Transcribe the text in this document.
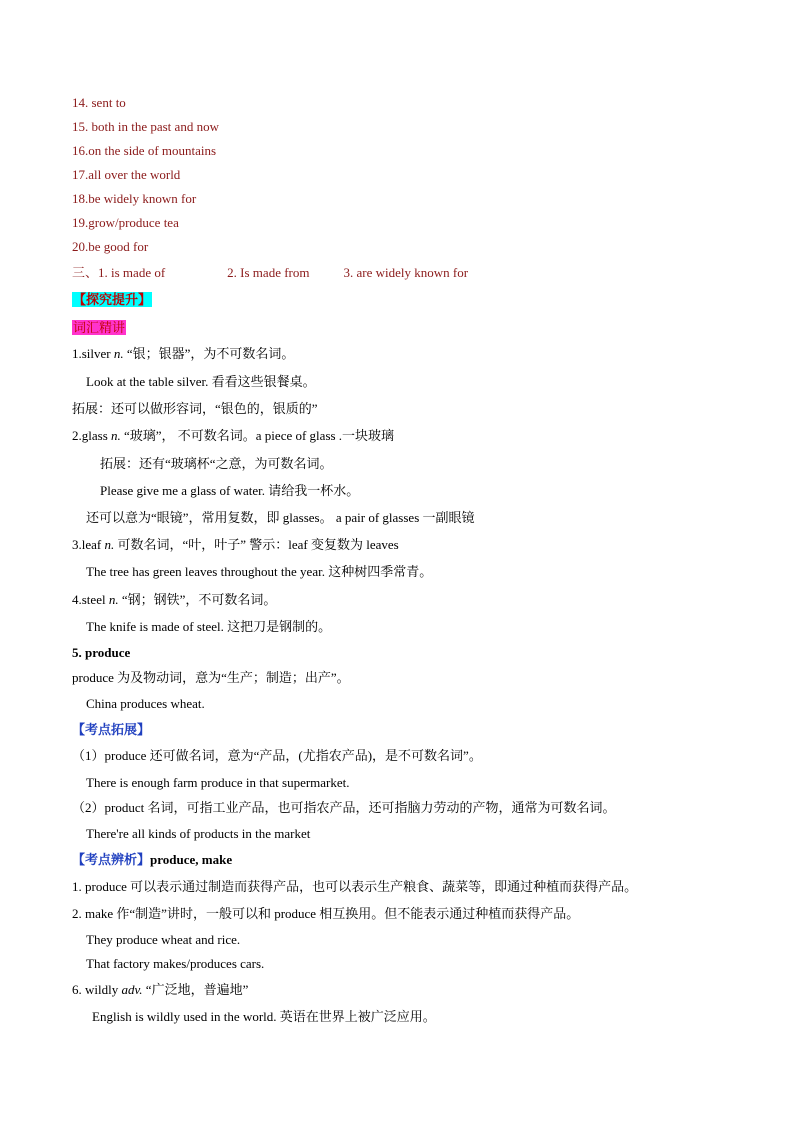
14. sent to
15. both in the past and now
16.on the side of mountains
17.all over the world
18.be widely known for
19.grow/produce tea
20.be good for
三、1. is made of	2. Is made from	3. are widely known for
【探究提升】
词汇精讲
1.silver n. “银；银器”，为不可数名词。
Look at the table silver. 看看这些银餐桌。
拓展：还可以做形容词，“银色的，银质的”
2.glass n. “玻璃”， 不可数名词。a piece of glass .一块玻璃
拓展：还有“玻璃杯“之意，为可数名词。
Please give me a glass of water. 请给我一杯水。
还可以意为“眼镜”，常用复数，即 glasses。 a pair of glasses 一副眼镜
3.leaf n. 可数名词，“叶，叶子” 警示：leaf 变复数为 leaves
The tree has green leaves throughout the year. 这种树四季常青。
4.steel n. “钢；钢铁”，不可数名词。
The knife is made of steel. 这把刀是钢制的。
5. produce
produce 为及物动词，意为“生产；制造；出产”。
China produces wheat.
【考点拓展】
（1）produce 还可做名词，意为“产品，(尤指农产品)，是不可数名词”。
There is enough farm produce in that supermarket.
（2）product 名词，可指工业产品，也可指农产品，还可指脑力劳动的产物，通常为可数名词。
There're all kinds of products in the market
【考点辨析】produce, make
1. produce 可以表示通过制造而获得产品，也可以表示生产粮食、蔬菜等，即通过种植而获得产品。
2. make 作“制造”讲时，一般可以和 produce 相互换用。但不能表示通过种植而获得产品。
They produce wheat and rice.
That factory makes/produces cars.
6. wildly adv. “广泛地，普遍地”
English is wildly used in the world. 英语在世界上被广泛应用。
